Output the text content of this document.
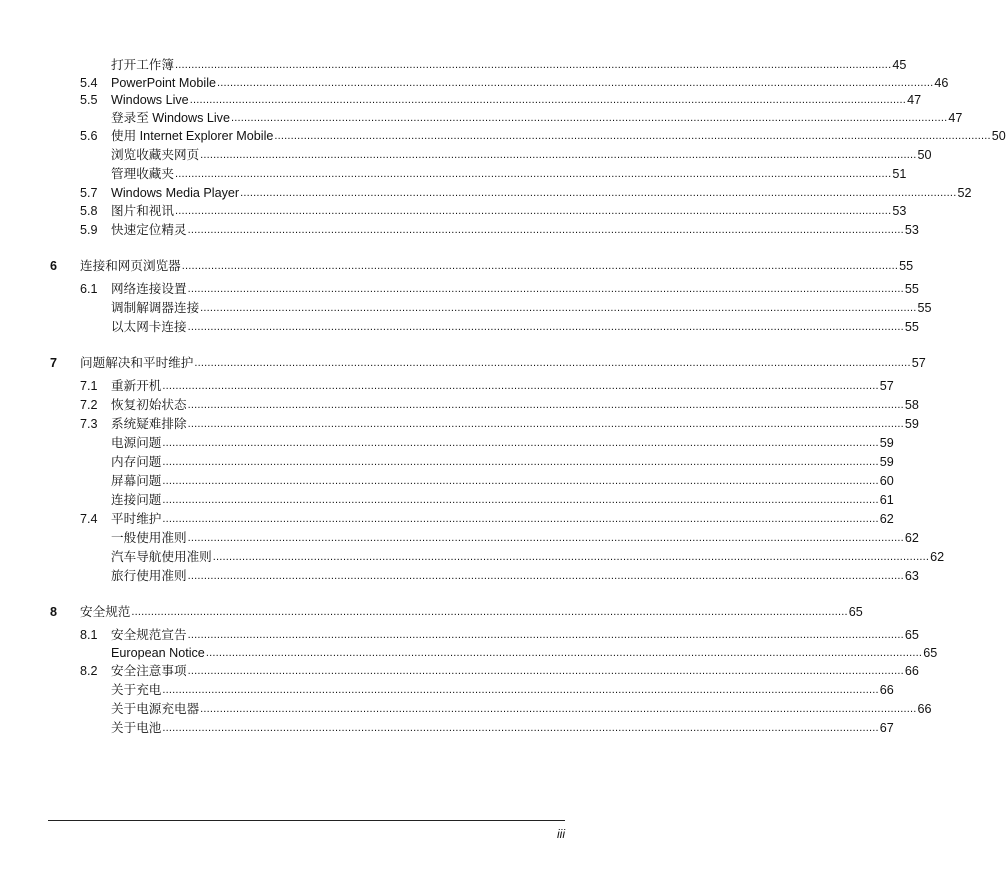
打开工作簿 ............................................................................................................................................................................................................................ 45
5.4 PowerPoint Mobile ............................................................................................................................................................................................................................ 46
5.5 Windows Live ............................................................................................................................................................................................................................ 47
登录至 Windows Live ............................................................................................................................................................................................................................ 47
5.6 使用 Internet Explorer Mobile ............................................................................................................................................................................................................................ 50
浏览收藏夹网页 ............................................................................................................................................................................................................................ 50
管理收藏夹 ............................................................................................................................................................................................................................ 51
5.7 Windows Media Player ............................................................................................................................................................................................................................ 52
5.8 图片和视讯 ............................................................................................................................................................................................................................ 53
5.9 快速定位精灵 ............................................................................................................................................................................................................................ 53
6 连接和网页浏览器 ............................................................................................................................................................................................................................ 55
6.1 网络连接设置 ............................................................................................................................................................................................................................ 55
调制解调器连接 ............................................................................................................................................................................................................................ 55
以太网卡连接 ............................................................................................................................................................................................................................ 55
7 问题解决和平时维护 ............................................................................................................................................................................................................................ 57
7.1 重新开机 ............................................................................................................................................................................................................................ 57
7.2 恢复初始状态 ............................................................................................................................................................................................................................ 58
7.3 系统疑难排除 ............................................................................................................................................................................................................................ 59
电源问题 ............................................................................................................................................................................................................................ 59
内存问题 ............................................................................................................................................................................................................................ 59
屏幕问题 ............................................................................................................................................................................................................................ 60
连接问题 ............................................................................................................................................................................................................................ 61
7.4 平时维护 ............................................................................................................................................................................................................................ 62
一般使用准则 ............................................................................................................................................................................................................................ 62
汽车导航使用准则 ............................................................................................................................................................................................................................ 62
旅行使用准则 ............................................................................................................................................................................................................................ 63
8 安全规范 ............................................................................................................................................................................................................................ 65
8.1 安全规范宣告 ............................................................................................................................................................................................................................ 65
European Notice ............................................................................................................................................................................................................................ 65
8.2 安全注意事项 ............................................................................................................................................................................................................................ 66
关于充电 ............................................................................................................................................................................................................................ 66
关于电源充电器 ............................................................................................................................................................................................................................ 66
关于电池 ............................................................................................................................................................................................................................ 67
iii
